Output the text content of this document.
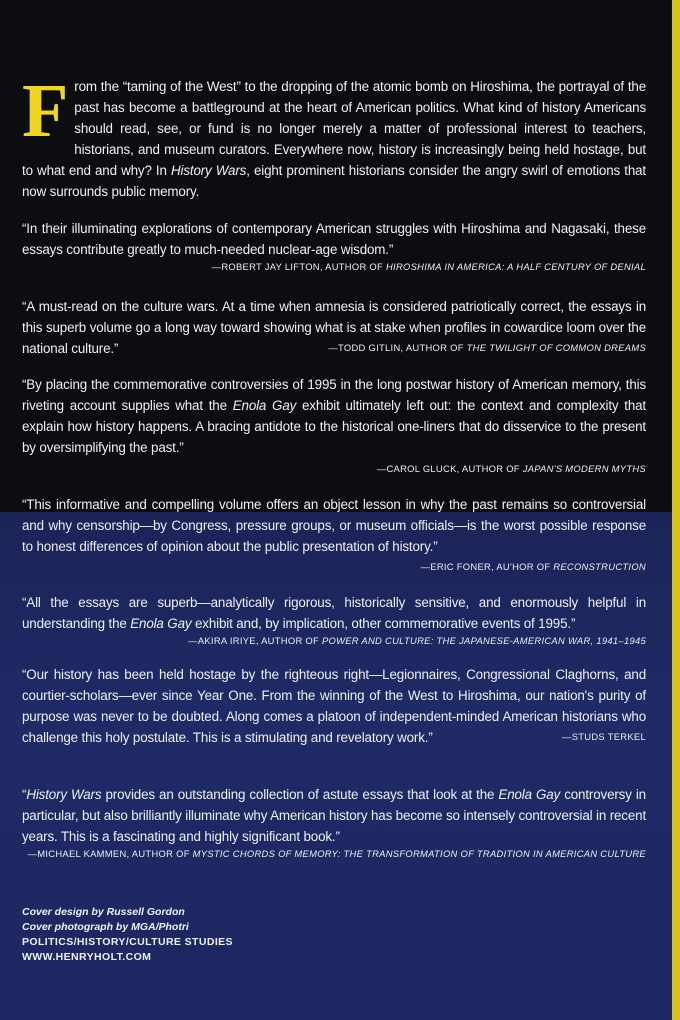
From the “taming of the West” to the dropping of the atomic bomb on Hiroshima, the portrayal of the past has become a battleground at the heart of American politics. What kind of history Americans should read, see, or fund is no longer merely a matter of professional interest to teachers, historians, and museum curators. Everywhere now, history is increasingly being held hostage, but to what end and why? In History Wars, eight prominent historians consider the angry swirl of emotions that now surrounds public memory.

“In their illuminating explorations of contemporary American struggles with Hiroshima and Nagasaki, these essays contribute greatly to much-needed nuclear-age wisdom.”
—ROBERT JAY LIFTON, AUTHOR OF HIROSHIMA IN AMERICA: A HALF CENTURY OF DENIAL

“A must-read on the culture wars. At a time when amnesia is considered patriotically correct, the essays in this superb volume go a long way toward showing what is at stake when profiles in cowardice loom over the national culture.”	—TODD GITLIN, AUTHOR OF THE TWILIGHT OF COMMON DREAMS

“By placing the commemorative controversies of 1995 in the long postwar history of American memory, this riveting account supplies what the Enola Gay exhibit ultimately left out: the context and complexity that explain how history happens. A bracing antidote to the historical one-liners that do disservice to the present by oversimplifying the past.”
—CAROL GLUCK, AUTHOR OF JAPAN'S MODERN MYTHS

“This informative and compelling volume offers an object lesson in why the past remains so controversial and why censorship—by Congress, pressure groups, or museum officials—is the worst possible response to honest differences of opinion about the public presentation of history.”
—ERIC FONER, AU'HOR OF RECONSTRUCTION

“All the essays are superb—analytically rigorous, historically sensitive, and enormously helpful in understanding the Enola Gay exhibit and, by implication, other commemorative events of 1995.”
—AKIRA IRIYE, AUTHOR OF POWER AND CULTURE: THE JAPANESE-AMERICAN WAR, 1941–1945

“Our history has been held hostage by the righteous right—Legionnaires, Congressional Claghorns, and courtier-scholars—ever since Year One. From the winning of the West to Hiroshima, our nation's purity of purpose was never to be doubted. Along comes a platoon of independent-minded American historians who challenge this holy postulate. This is a stimulating and revelatory work.”	—STUDS TERKEL

“History Wars provides an outstanding collection of astute essays that look at the Enola Gay controversy in particular, but also brilliantly illuminate why American history has become so intensely controversial in recent years. This is a fascinating and highly significant book.”
—MICHAEL KAMMEN, AUTHOR OF MYSTIC CHORDS OF MEMORY: THE TRANSFORMATION OF TRADITION IN AMERICAN CULTURE

Cover design by Russell Gordon
Cover photograph by MGA/Photri
POLITICS/HISTORY/CULTURE STUDIES
WWW.HENRYHOLT.COM
